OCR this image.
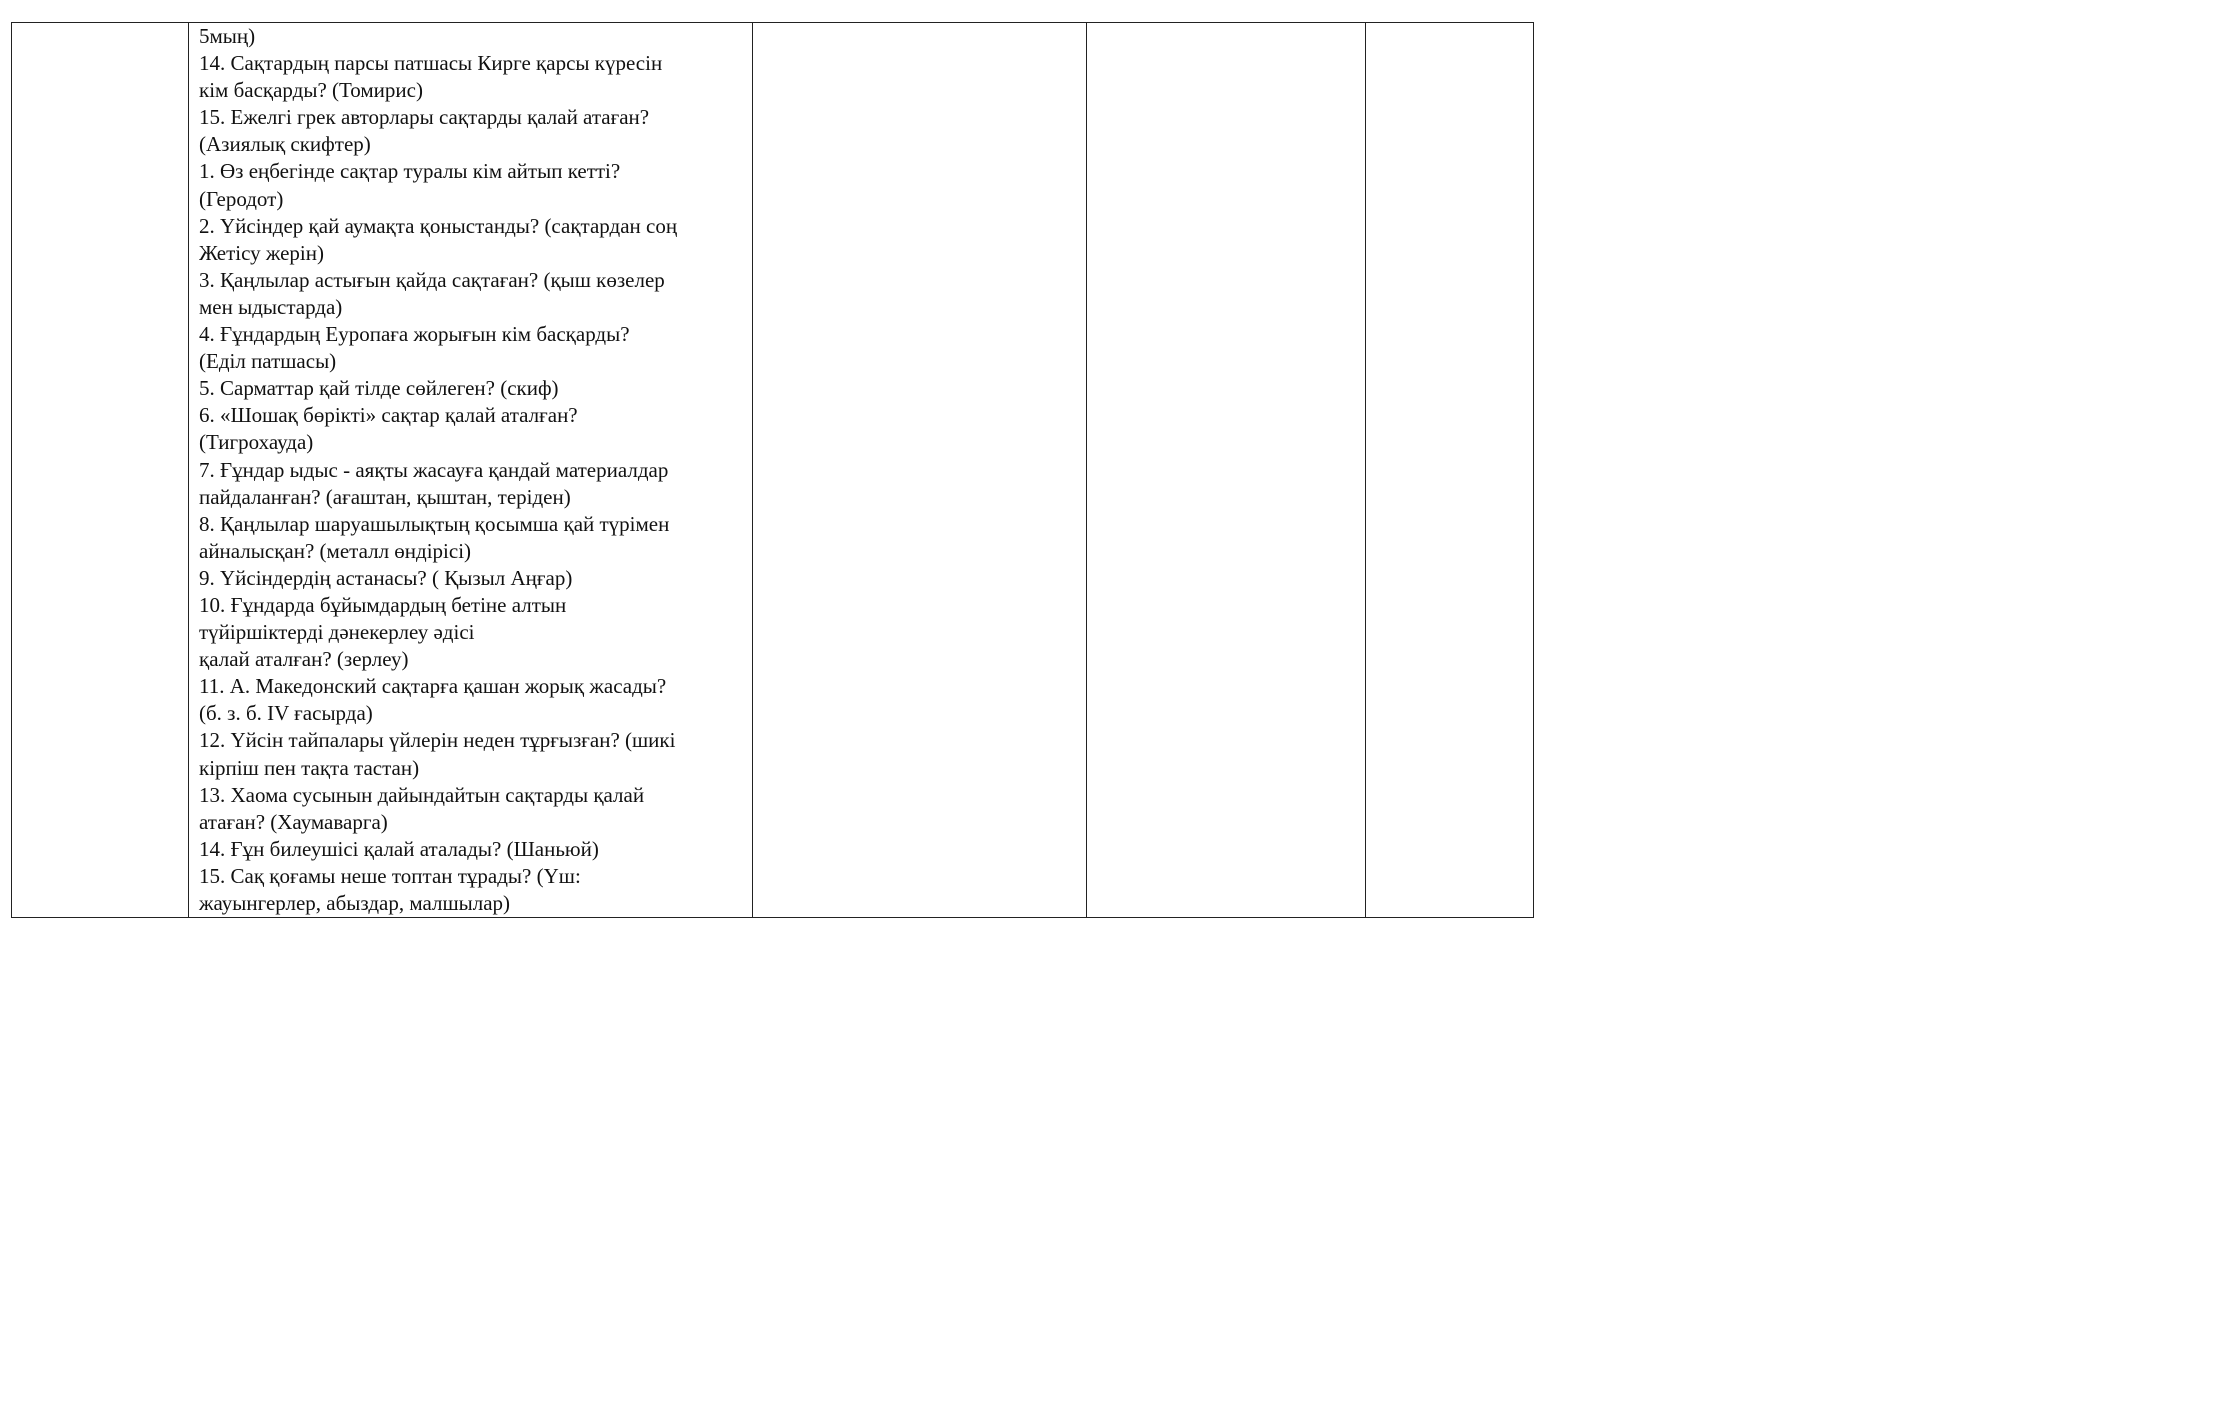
5мың)
14. Сақтардың парсы патшасы Кирге қарсы күресін
кім басқарды? (Томирис)
15. Ежелгі грек авторлары сақтарды қалай атаған?
(Азиялық скифтер)
1. Өз еңбегінде сақтар туралы кім айтып кетті?
(Геродот)
2. Үйсіндер қай аумақта қоныстанды? (сақтардан соң
Жетісу жерін)
3. Қаңлылар астығын қайда сақтаған? (қыш көзелер
мен ыдыстарда)
4. Ғұндардың Еуропаға жорығын кім басқарды?
(Еділ патшасы)
5. Сарматтар қай тілде сөйлеген? (скиф)
6. «Шошақ бөрікті» сақтар қалай аталған?
(Тигрохауда)
7. Ғұндар ыдыс - аяқты жасауға қандай материалдар
пайдаланған? (ағаштан, қыштан, теріден)
8. Қаңлылар шаруашылықтың қосымша қай түрімен
айналысқан? (металл өндірісі)
9. Үйсіндердің астанасы? ( Қызыл Аңғар)
10. Ғұндарда бұйымдардың бетіне алтын
түйіршіктерді дәнекерлеу әдісі
қалай аталған? (зерлеу)
11. А. Македонский сақтарға қашан жорық жасады?
(б. з. б. IV ғасырда)
12. Үйсін тайпалары үйлерін неден тұрғызған? (шикі
кірпіш пен тақта тастан)
13. Хаома сусынын дайындайтын сақтарды қалай
атаған? (Хаумаварга)
14. Ғұн билеушісі қалай аталады? (Шаньюй)
15. Сақ қоғамы неше топтан тұрады? (Үш:
жауынгерлер, абыздар, малшылар)
